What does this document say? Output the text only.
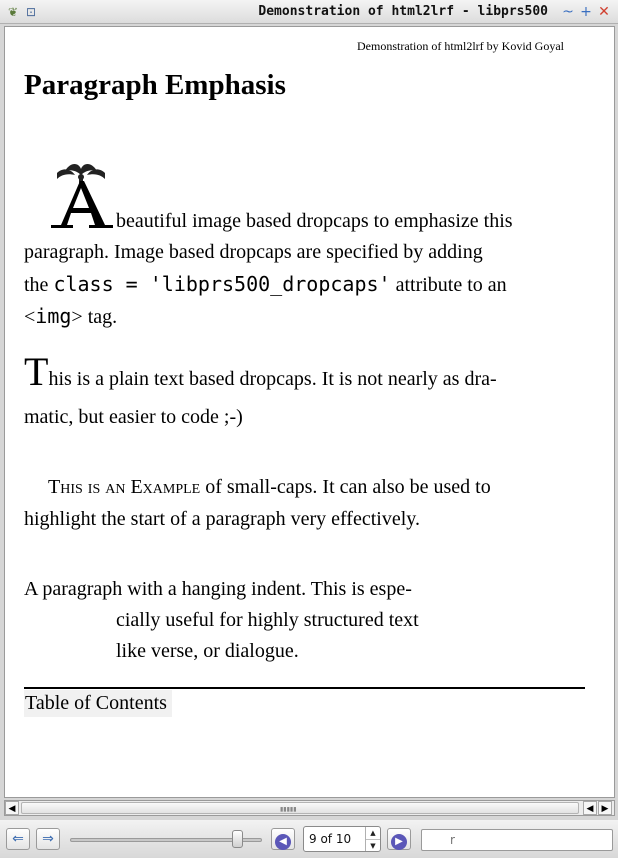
❦ ⊡	Demonstration of html2lrf - libprs500 ~ + ✕
Demonstration of html2lrf by Kovid Goyal
Paragraph Emphasis
beautiful image based dropcaps to emphasize this
paragraph. Image based dropcaps are specified by adding
the class = 'libprs500_dropcaps' attribute to an
<img> tag.
This is a plain text based dropcaps. It is not nearly as dra-
matic, but easier to code ;-)
This is an Example of small-caps. It can also be used to
highlight the start of a paragraph very effectively.
A paragraph with a hanging indent. This is espe-
cially useful for highly structured text
like verse, or dialogue.
Table of Contents
◀	▮▮▮▮▮	◀ ▶
⇐	⇒	◀	9 of 10	▲
▼	▶
r
